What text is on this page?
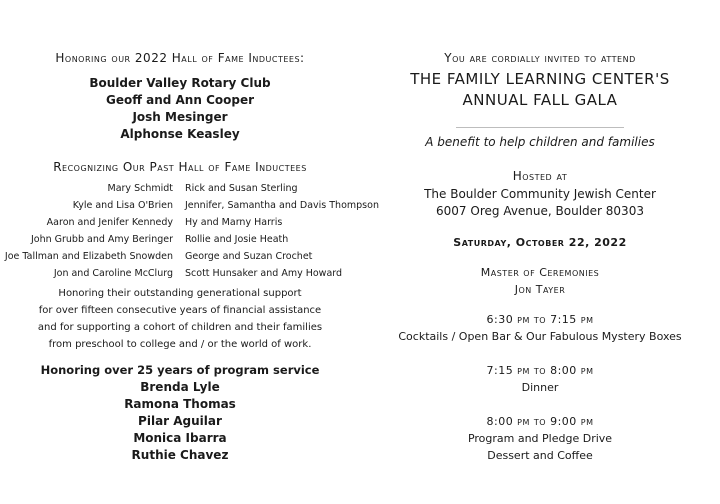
Honoring our 2022 Hall of Fame Inductees:
Boulder Valley Rotary Club
Geoff and Ann Cooper
Josh Mesinger
Alphonse Keasley
Recognizing Our Past Hall of Fame Inductees
Mary Schmidt Rick and Susan Sterling
Kyle and Lisa O'Brien Jennifer, Samantha and Davis Thompson
Aaron and Jenifer Kennedy Hy and Marny Harris
John Grubb and Amy Beringer Rollie and Josie Heath
Joe Tallman and Elizabeth Snowden George and Suzan Crochet
Jon and Caroline McClurg Scott Hunsaker and Amy Howard
Honoring their outstanding generational support
for over fifteen consecutive years of financial assistance
and for supporting a cohort of children and their families
from preschool to college and / or the world of work.
Honoring over 25 years of program service
Brenda Lyle
Ramona Thomas
Pilar Aguilar
Monica Ibarra
Ruthie Chavez
You are cordially invited to attend
THE FAMILY LEARNING CENTER'S
ANNUAL FALL GALA
A benefit to help children and families
Hosted at
The Boulder Community Jewish Center
6007 Oreg Avenue, Boulder 80303
Saturday, October 22, 2022
Master of Ceremonies
Jon Tayer
6:30 pm to 7:15 pm
Cocktails / Open Bar & Our Fabulous Mystery Boxes
7:15 pm to 8:00 pm
Dinner
8:00 pm to 9:00 pm
Program and Pledge Drive
Dessert and Coffee
